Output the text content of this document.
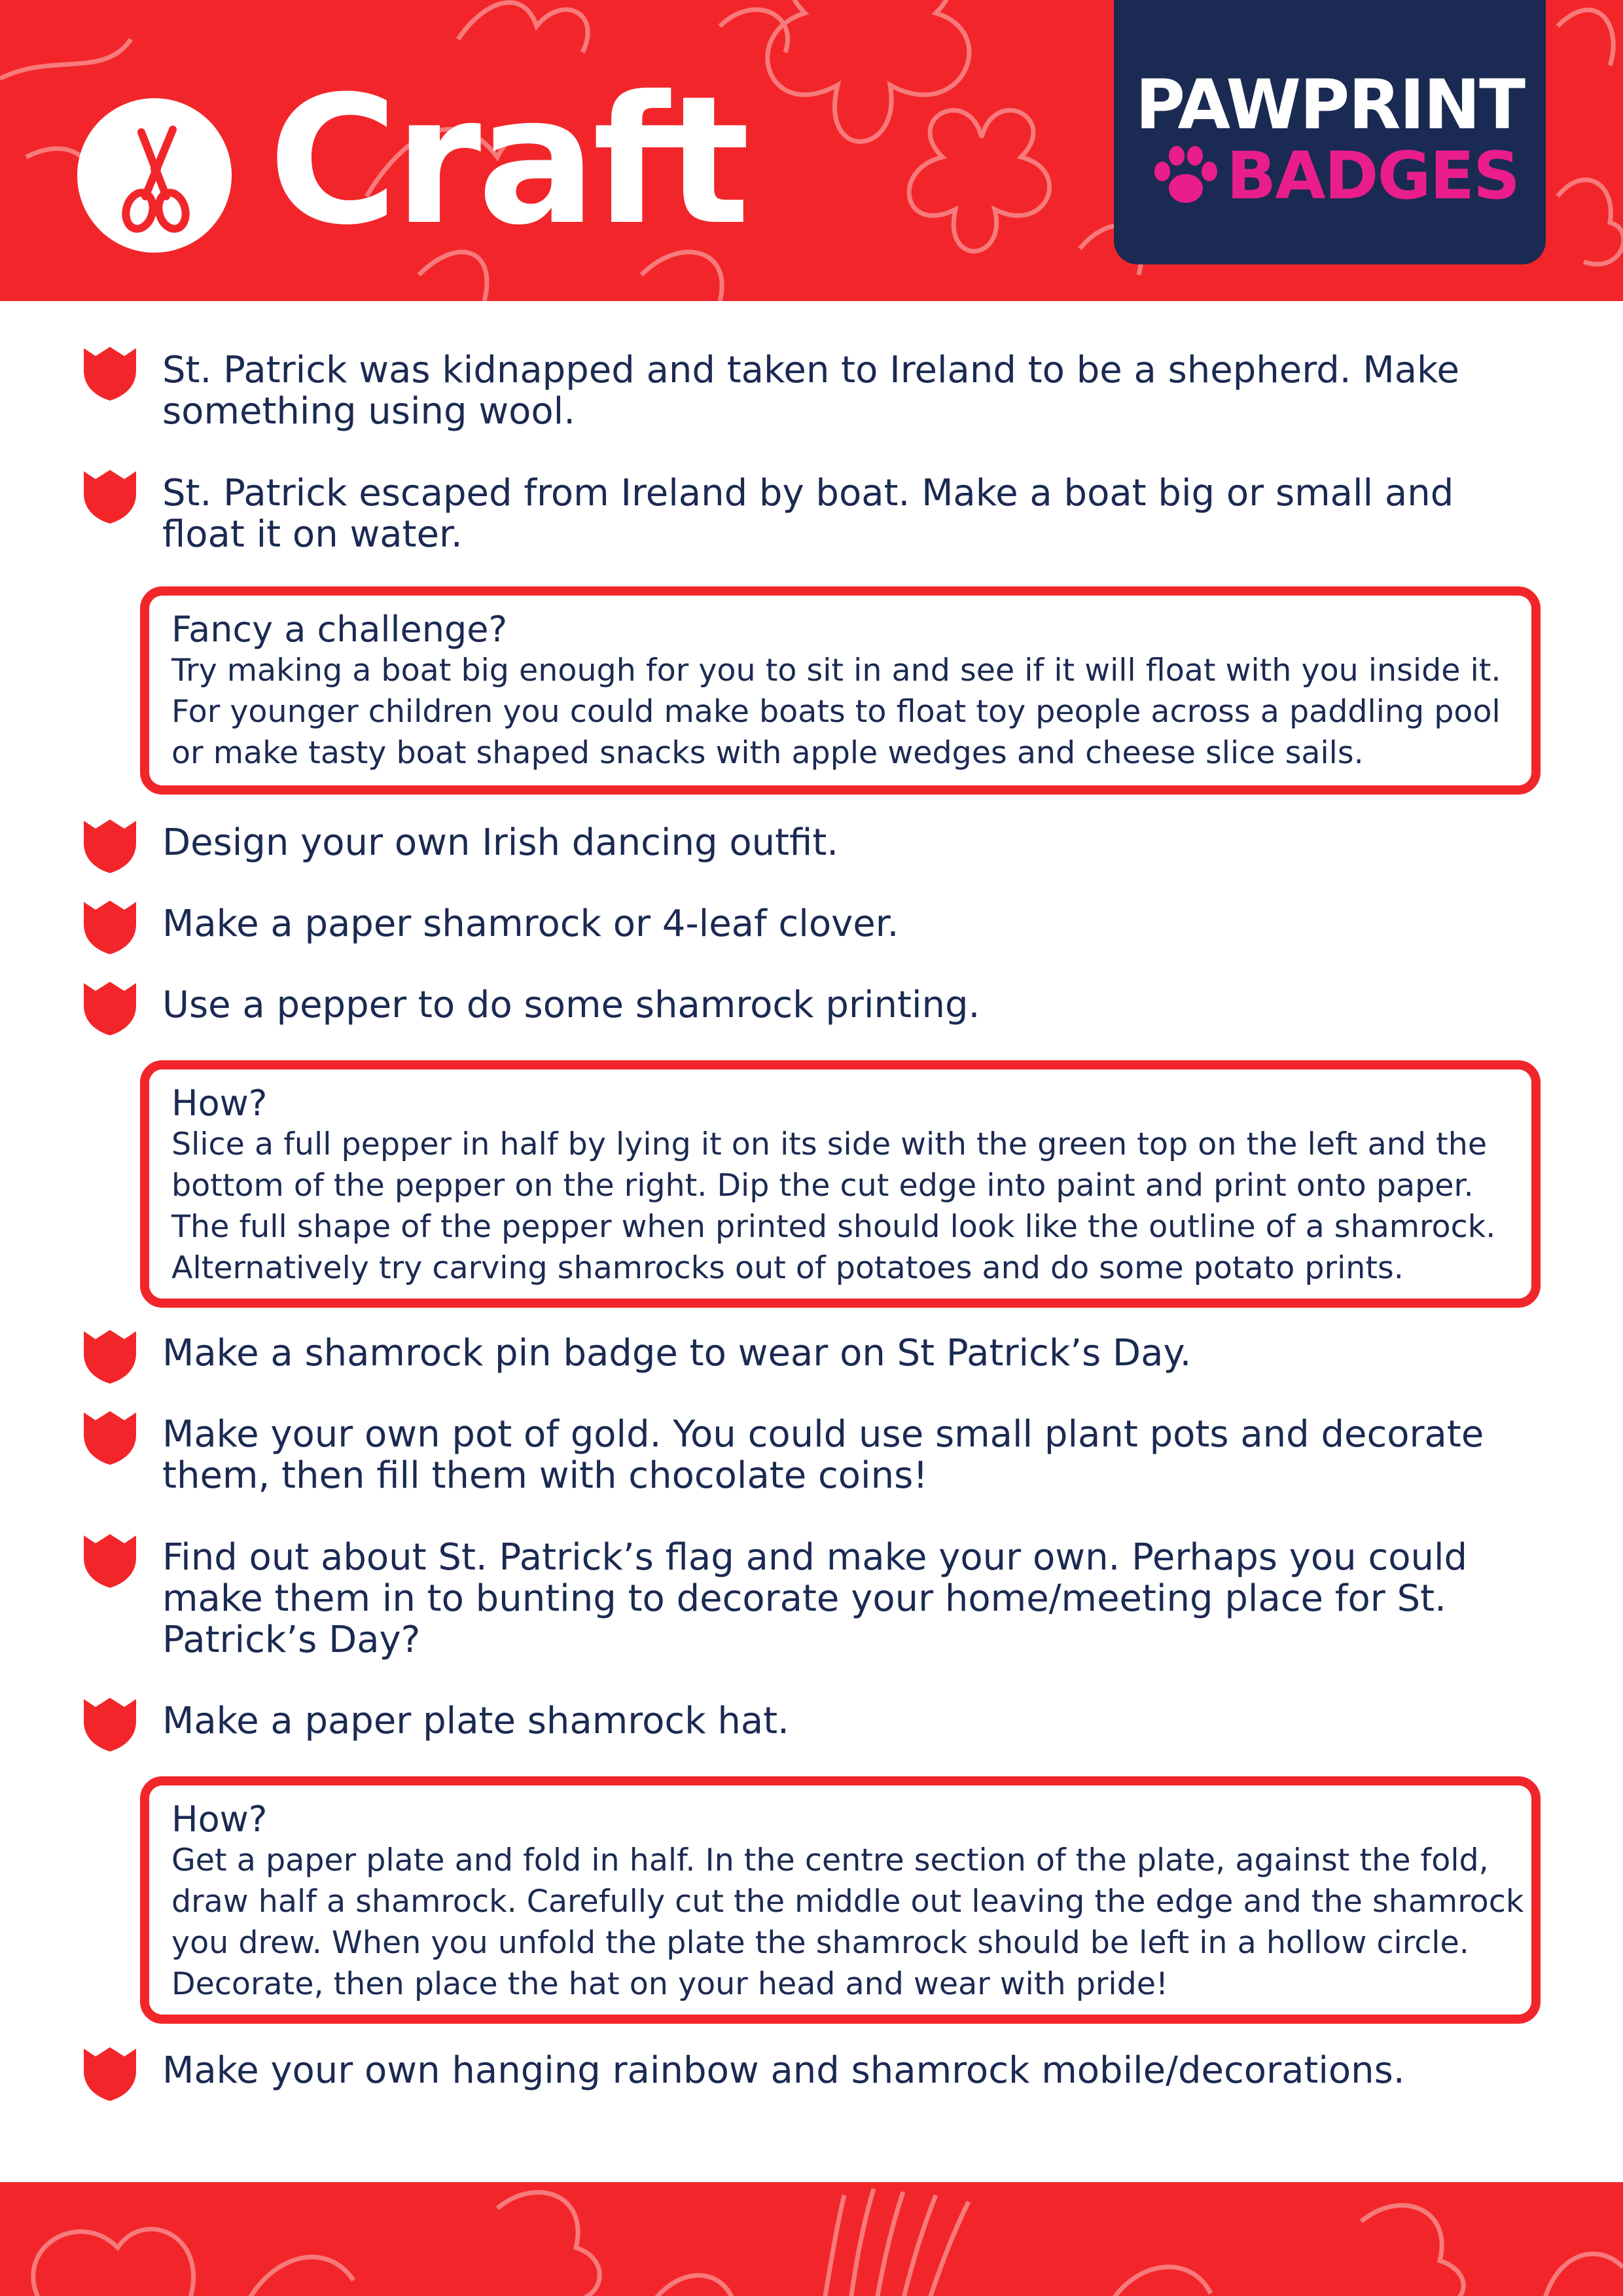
Craft	PAWPRINT
BADGES
St. Patrick was kidnapped and taken to Ireland to be a shepherd. Make something using wool.
St. Patrick escaped from Ireland by boat. Make a boat big or small and float it on water.
Fancy a challenge?
Try making a boat big enough for you to sit in and see if it will float with you inside it. For younger children you could make boats to float toy people across a paddling pool or make tasty boat shaped snacks with apple wedges and cheese slice sails.
Design your own Irish dancing outfit.
Make a paper shamrock or 4-leaf clover.
Use a pepper to do some shamrock printing.
How?
Slice a full pepper in half by lying it on its side with the green top on the left and the bottom of the pepper on the right. Dip the cut edge into paint and print onto paper. The full shape of the pepper when printed should look like the outline of a shamrock. Alternatively try carving shamrocks out of potatoes and do some potato prints.
Make a shamrock pin badge to wear on St Patrick’s Day.
Make your own pot of gold. You could use small plant pots and decorate them, then fill them with chocolate coins!
Find out about St. Patrick’s flag and make your own. Perhaps you could make them in to bunting to decorate your home/meeting place for St. Patrick’s Day?
Make a paper plate shamrock hat.
How?
Get a paper plate and fold in half. In the centre section of the plate, against the fold, draw half a shamrock. Carefully cut the middle out leaving the edge and the shamrock you drew. When you unfold the plate the shamrock should be left in a hollow circle. Decorate, then place the hat on your head and wear with pride!
Make your own hanging rainbow and shamrock mobile/decorations.
